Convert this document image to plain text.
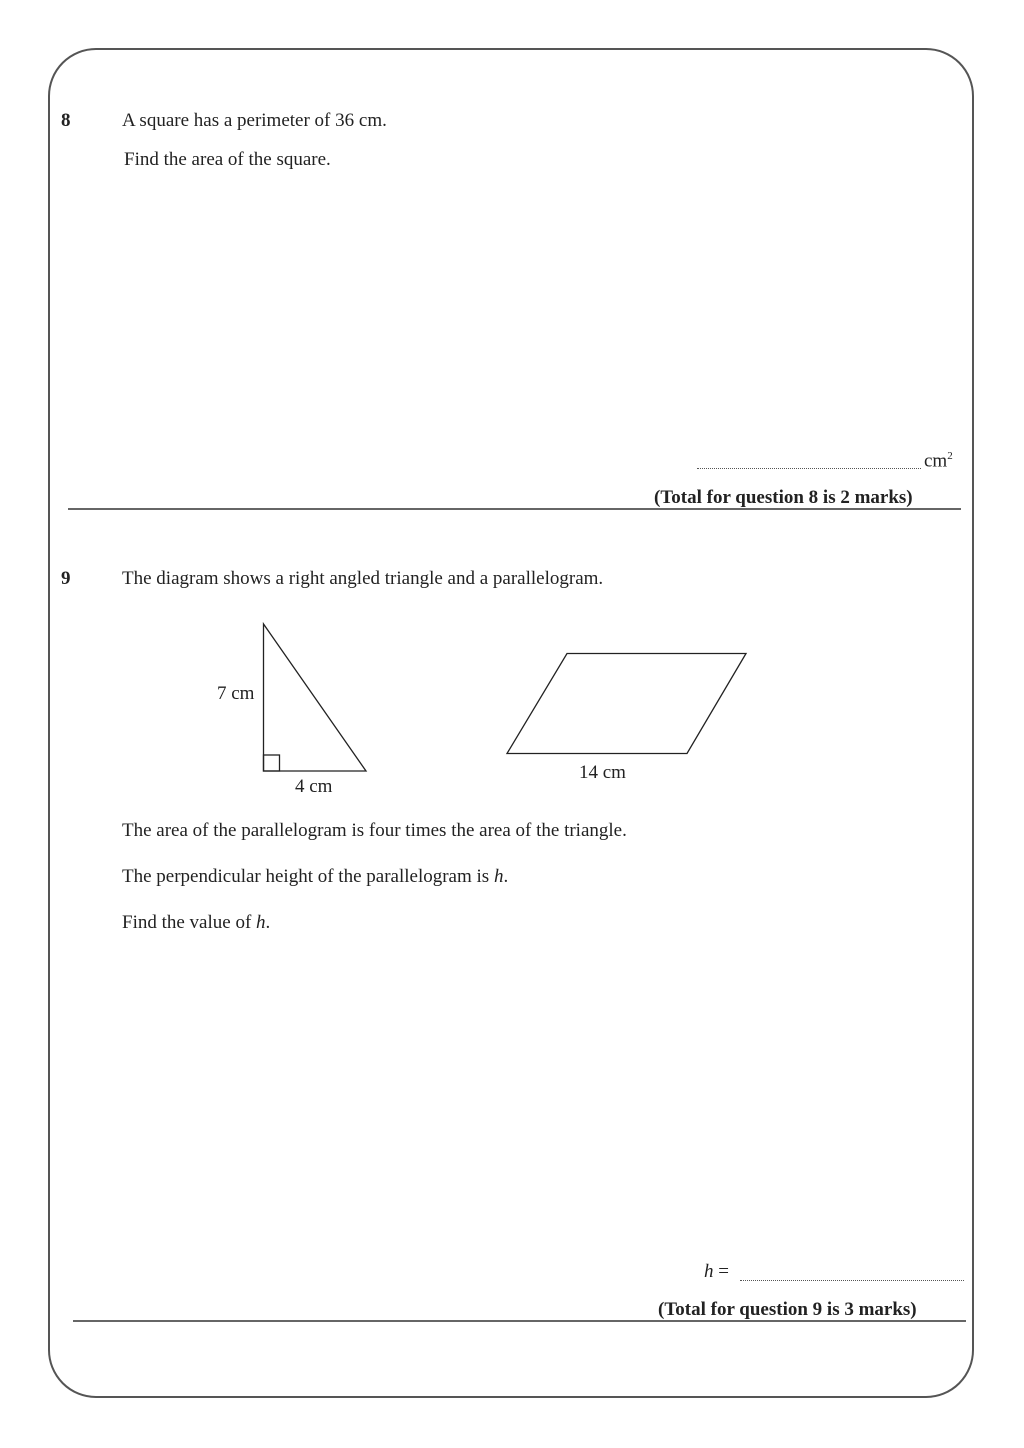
8	A square has a perimeter of 36 cm.
Find the area of the square.
$cm^2$
(Total for question 8 is 2 marks)
9	The diagram shows a right angled triangle and a parallelogram.
7 cm
4 cm
14 cm
The area of the parallelogram is four times the area of the triangle.
The perpendicular height of the parallelogram is h.
Find the value of h.
h =
(Total for question 9 is 3 marks)
